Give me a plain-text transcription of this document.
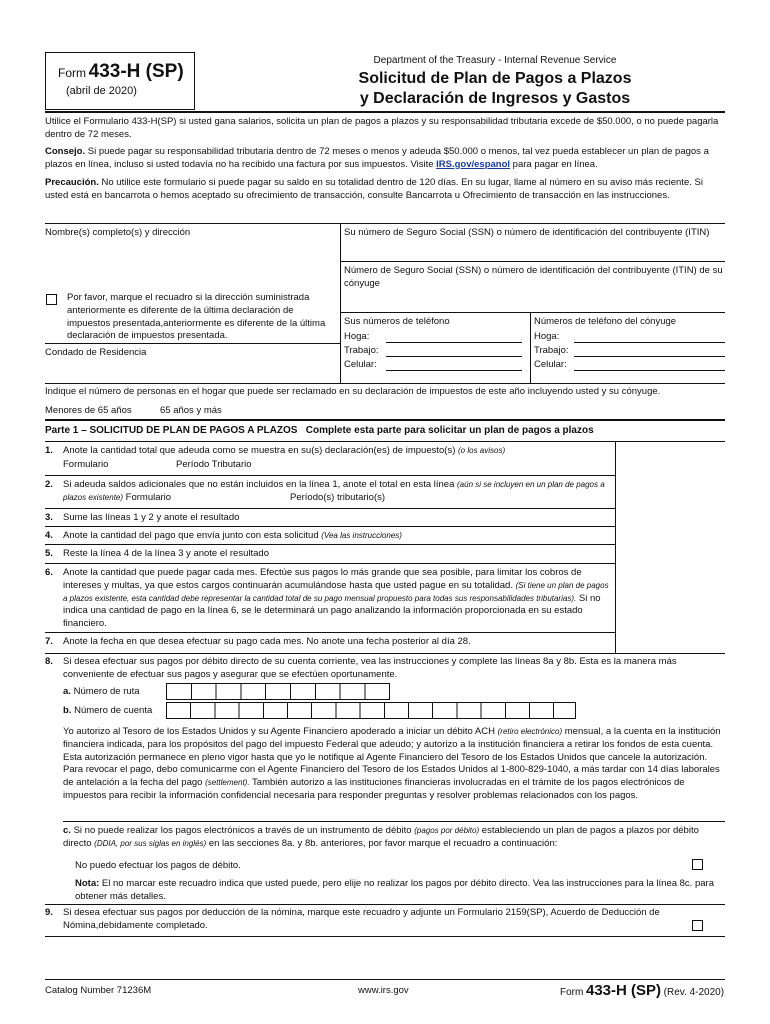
Form 433-H (SP)
(abril de 2020)
Department of the Treasury - Internal Revenue Service
Solicitud de Plan de Pagos a Plazos
y Declaración de Ingresos y Gastos
Utilice el Formulario 433-H(SP) si usted gana salarios, solicita un plan de pagos a plazos y su responsabilidad tributaria excede de $50.000, o no puede pagarla dentro de 72 meses.
Consejo. Si puede pagar su responsabilidad tributaria dentro de 72 meses o menos y adeuda $50.000 o menos, tal vez pueda establecer un plan de pagos a plazos en línea, incluso si usted todavía no ha recibido una factura por sus impuestos. Visite IRS.gov/espanol para pagar en línea.
Precaución. No utilice este formulario si puede pagar su saldo en su totalidad dentro de 120 días. En su lugar, llame al número en su aviso más reciente. Si usted está en bancarrota o hemos aceptado su ofrecimiento de transacción, consulte Bancarrota u Ofrecimiento de transacción en las instrucciones.
Nombre(s) completo(s) y dirección	Su número de Seguro Social (SSN) o número de identificación del contribuyente (ITIN)
Número de Seguro Social (SSN) o número de identificación del contribuyente (ITIN) de su cónyuge
Por favor, marque el recuadro si la dirección suministrada anteriormente es diferente de la última declaración de impuestos presentada,anteriormente es diferente de la última declaración de impuestos presentada.
Condado de Residencia
Sus números de teléfono
Hoga:
Trabajo:
Celular:
Números de teléfono del cónyuge
Hoga:
Trabajo:
Celular:
Indique el número de personas en el hogar que puede ser reclamado en su declaración de impuestos de este año incluyendo usted y su cónyuge.
Menores de 65 años	65 años y más
Parte 1 – SOLICITUD DE PLAN DE PAGOS A PLAZOS Complete esta parte para solicitar un plan de pagos a plazos
1. Anote la cantidad total que adeuda como se muestra en su(s) declaración(es) de impuesto(s) (o los avisos)
Formulario	Período Tributario
2. Si adeuda saldos adicionales que no están incluidos en la línea 1, anote el total en esta línea (aún si se incluyen en un plan de pagos a plazos existente) Formulario	Período(s) tributario(s)
3. Sume las líneas 1 y 2 y anote el resultado
4. Anote la cantidad del pago que envía junto con esta solicitud (Vea las instrucciones)
5. Reste la línea 4 de la línea 3 y anote el resultado
6. Anote la cantidad que puede pagar cada mes. Efectúe sus pagos lo más grande que sea posible, para limitar los cobros de intereses y multas, ya que estos cargos continuarán acumulándose hasta que usted pague en su totalidad. (Si tiene un plan de pagos a plazos existente, esta cantidad debe representar la cantidad total de su pago mensual propuesto para todas sus responsabilidades tributarias). Si no indica una cantidad de pago en la línea 6, se le determinará un pago analizando la información proporcionada en su estado financiero.
7. Anote la fecha en que desea efectuar su pago cada mes. No anote una fecha posterior al día 28.
8. Si desea efectuar sus pagos por débito directo de su cuenta corriente, vea las instrucciones y complete las líneas 8a y 8b. Esta es la manera más conveniente de efectuar sus pagos y asegurar que se efectúen oportunamente.
a. Número de ruta
b. Número de cuenta
Yo autorizo al Tesoro de los Estados Unidos y su Agente Financiero apoderado a iniciar un débito ACH (retiro electrónico) mensual, a la cuenta en la institución financiera indicada, para los propósitos del pago del impuesto Federal que adeudo; y autorizo a la institución financiera a retirar los fondos de esta cuenta. Esta autorización permanece en pleno vigor hasta que yo le notifique al Agente Financiero del Tesoro de los Estados Unidos que cancele la autorización. Para revocar el pago, debo comunicarme con el Agente Financiero del Tesoro de los Estados Unidos al 1-800-829-1040, a más tardar con 14 días laborales de antelación a la fecha del pago (settlement). También autorizo a las instituciones financieras involucradas en el trámite de los pagos electrónicos de impuestos para recibir la información confidencial necesaria para responder preguntas y resolver problemas relacionados con los pagos.
c. Si no puede realizar los pagos electrónicos a través de un instrumento de débito (pagos por débito) estableciendo un plan de pagos a plazos por débito directo (DDIA, por sus siglas en inglés) en las secciones 8a. y 8b. anteriores, por favor marque el recuadro a continuación:
No puedo efectuar los pagos de débito.
Nota: El no marcar este recuadro indica que usted puede, pero elije no realizar los pagos por débito directo. Vea las instrucciones para la línea 8c. para obtener más detalles.
9. Si desea efectuar sus pagos por deducción de la nómina, marque este recuadro y adjunte un Formulario 2159(SP), Acuerdo de Deducción de Nómina,debidamente completado.
Catalog Number 71236M	www.irs.gov	Form 433-H (SP) (Rev. 4-2020)
